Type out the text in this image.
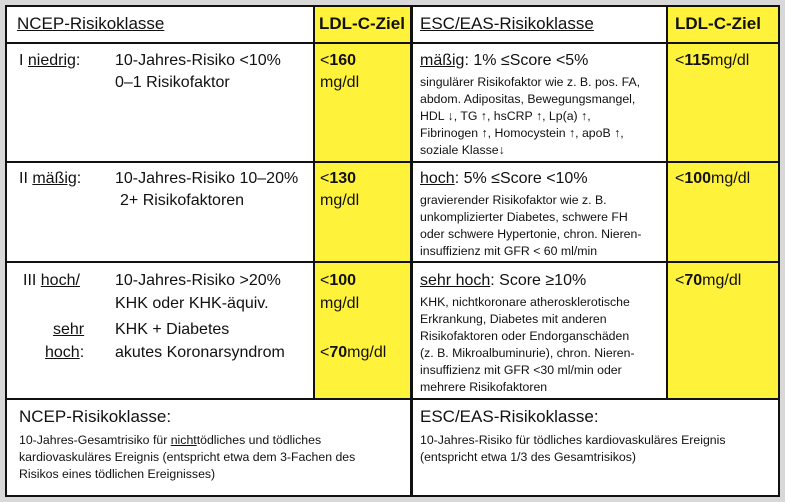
NCEP-Risikoklasse	LDL-C-Ziel ESC/EAS-Risikoklasse	LDL-C-Ziel
I niedrig: 10-Jahres-Risiko <10%
0–1 Risikofaktor
<160
mg/dl
mäßig: 1% ≤Score <5%
singulärer Risikofaktor wie z. B. pos. FA,
abdom. Adipositas, Bewegungsmangel,
HDL ↓, TG ↑, hsCRP ↑, Lp(a) ↑,
Fibrinogen ↑, Homocystein ↑, apoB ↑,
soziale Klasse↓
<115mg/dl
II mäßig: 10-Jahres-Risiko 10–20%
2+ Risikofaktoren
<130
mg/dl
hoch: 5% ≤Score <10%
gravierender Risikofaktor wie z. B.
unkomplizierter Diabetes, schwere FH
oder schwere Hypertonie, chron. Nieren-
insuffizienz mit GFR < 60 ml/min
<100mg/dl
III hoch/ 10-Jahres-Risiko >20%
KHK oder KHK-äquiv.
sehr
hoch:
KHK + Diabetes
akutes Koronarsyndrom
<100
mg/dl
<70mg/dl
sehr hoch: Score ≥10%
KHK, nichtkoronare atherosklerotische
Erkrankung, Diabetes mit anderen
Risikofaktoren oder Endorganschäden
(z. B. Mikroalbuminurie), chron. Nieren-
insuffizienz mit GFR <30 ml/min oder
mehrere Risikofaktoren
<70mg/dl
NCEP-Risikoklasse:
10-Jahres-Gesamtrisiko für nichttödliches und tödliches
kardiovaskuläres Ereignis (entspricht etwa dem 3-Fachen des
Risikos eines tödlichen Ereignisses)
ESC/EAS-Risikoklasse:
10-Jahres-Risiko für tödliches kardiovaskuläres Ereignis
(entspricht etwa 1/3 des Gesamtrisikos)
